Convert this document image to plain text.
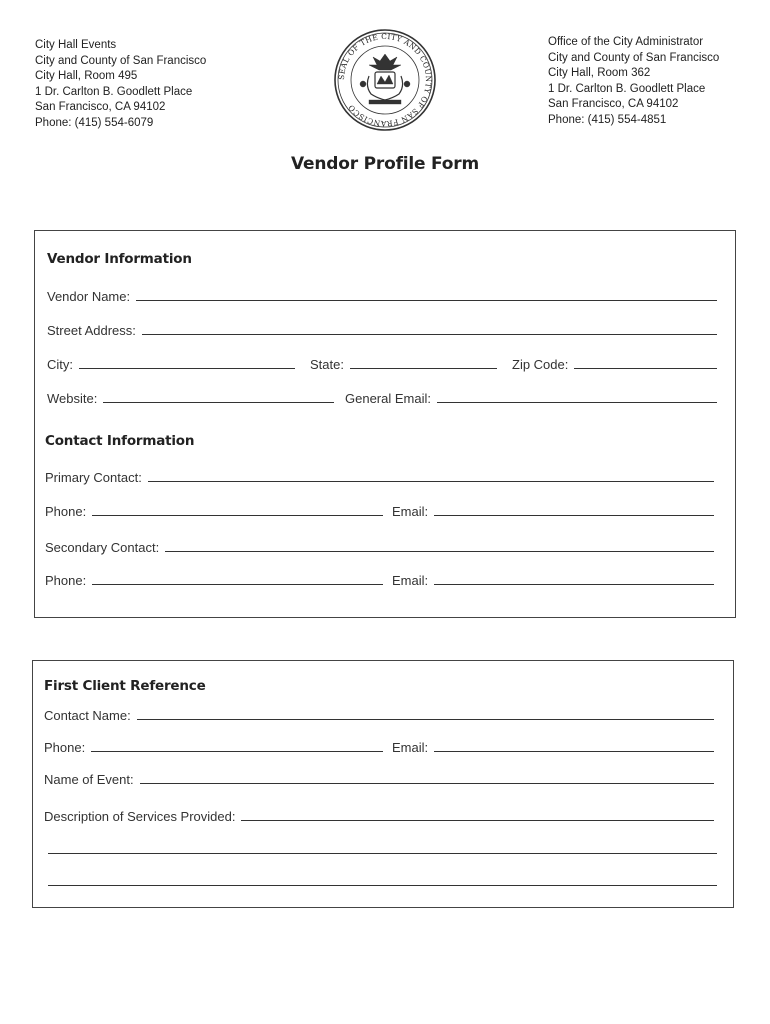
City Hall Events
City and County of San Francisco
City Hall, Room 495
1 Dr. Carlton B. Goodlett Place
San Francisco, CA 94102
Phone: (415) 554-6079
Office of the City Administrator
City and County of San Francisco
City Hall, Room 362
1 Dr. Carlton B. Goodlett Place
San Francisco, CA 94102
Phone: (415) 554-4851
SEAL OF THE CITY AND COUNTY OF SAN FRANCISCO
Vendor Profile Form
Vendor Information
Vendor Name:
Street Address:
City:	State:	Zip Code:
Website:	General Email:
Contact Information
Primary Contact:
Phone:	Email:
Secondary Contact:
Phone:	Email:
First Client Reference
Contact Name:
Phone:	Email:
Name of Event:
Description of Services Provided:
